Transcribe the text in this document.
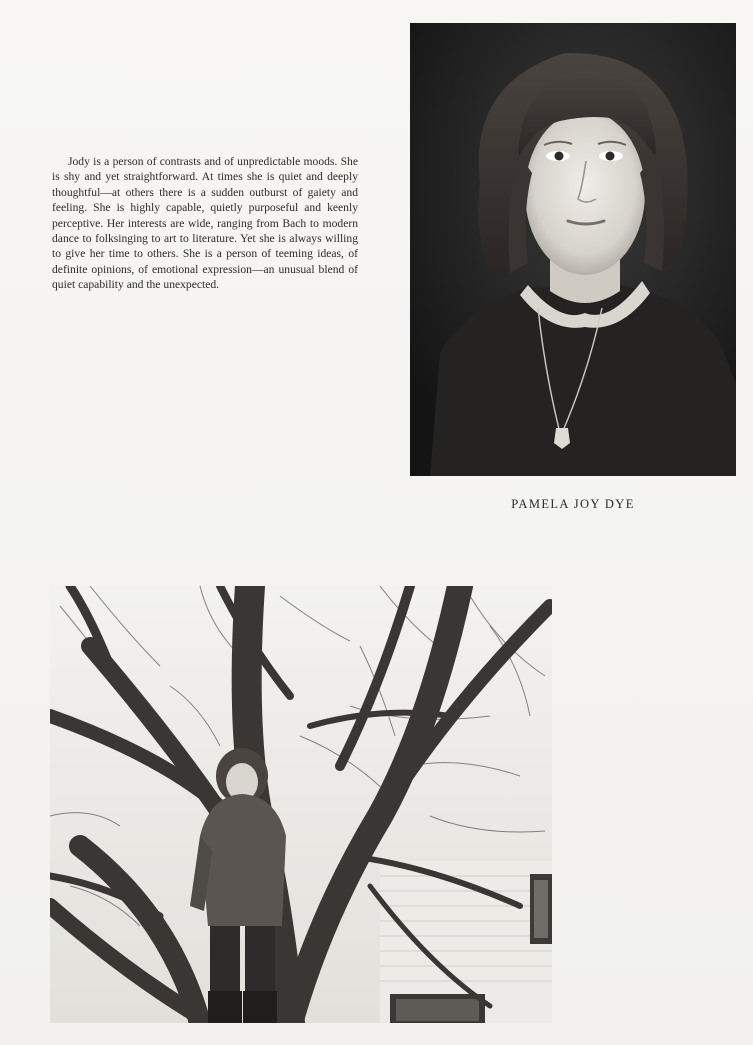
Jody is a person of contrasts and of unpredictable moods. She is shy and yet straightforward. At times she is quiet and deeply thoughtful—at others there is a sudden outburst of gaiety and feeling. She is highly capable, quietly purposeful and keenly perceptive. Her interests are wide, ranging from Bach to modern dance to folksinging to art to literature. Yet she is always willing to give her time to others. She is a person of teeming ideas, of definite opinions, of emotional expression—an unusual blend of quiet capability and the unexpected.

PAMELA JOY DYE
